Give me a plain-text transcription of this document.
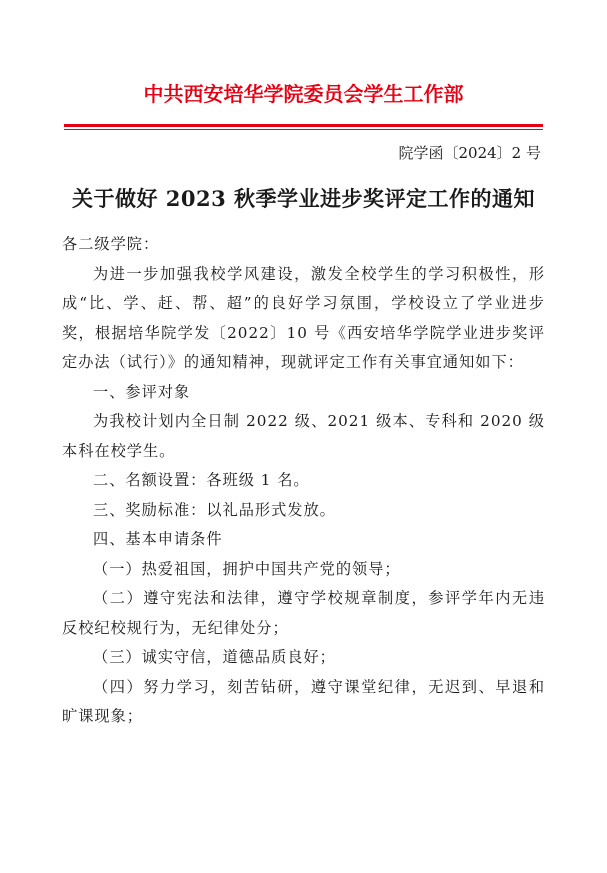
中共西安培华学院委员会学生工作部
院学函〔2024〕2 号
关于做好 2023 秋季学业进步奖评定工作的通知

各二级学院：

为进一步加强我校学风建设，激发全校学生的学习积极性，形成“比、学、赶、帮、超”的良好学习氛围，学校设立了学业进步奖，根据培华院学发〔2022〕10 号《西安培华学院学业进步奖评定办法（试行）》的通知精神，现就评定工作有关事宜通知如下：

一、参评对象

为我校计划内全日制 2022 级、2021 级本、专科和 2020 级本科在校学生。

二、名额设置：各班级 1 名。

三、奖励标准：以礼品形式发放。

四、基本申请条件

（一）热爱祖国，拥护中国共产党的领导；

（二）遵守宪法和法律，遵守学校规章制度，参评学年内无违反校纪校规行为，无纪律处分；

（三）诚实守信，道德品质良好；

（四）努力学习，刻苦钻研，遵守课堂纪律，无迟到、早退和旷课现象；
